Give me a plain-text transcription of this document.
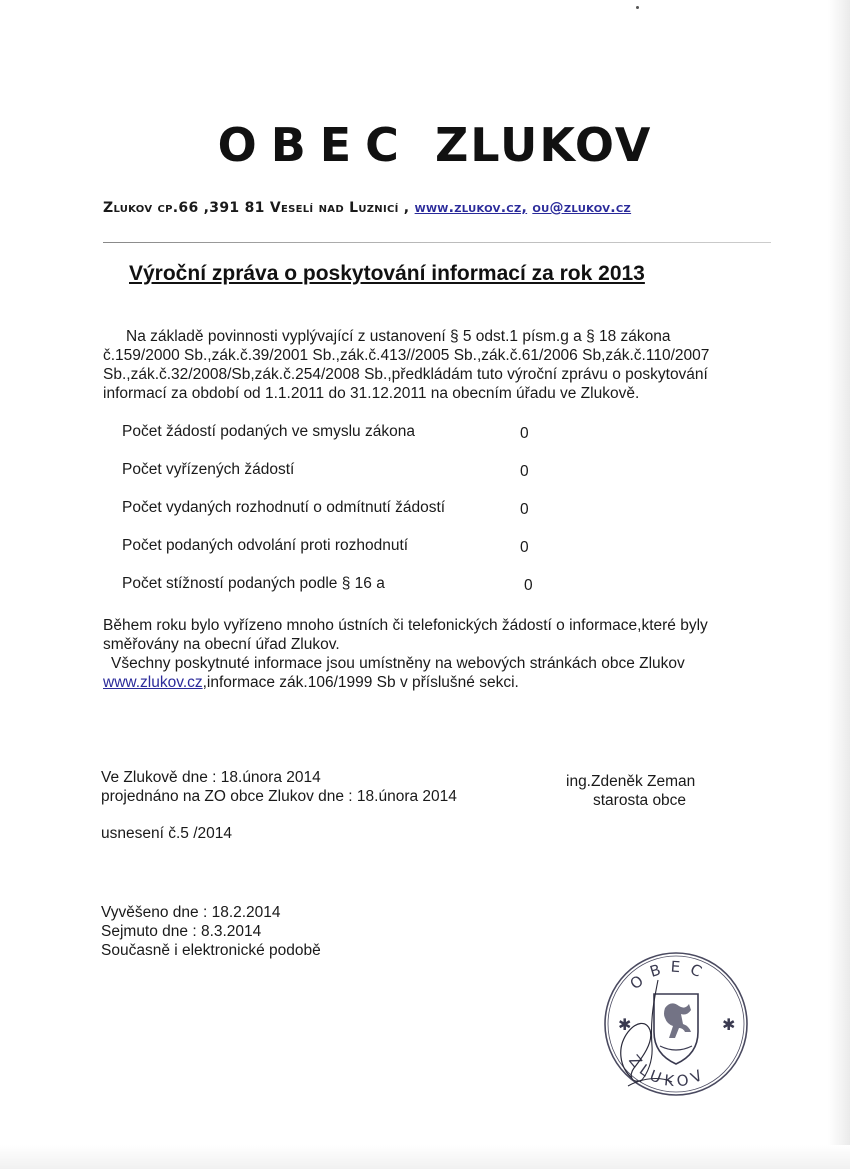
OBEC ZLUKOV
Zlukov cp.66 ,391 81 Veselí nad Luznicí , www.zlukov.cz, ou@zlukov.cz
Výroční zpráva o poskytování informací za rok 2013
Na základě povinnosti vyplývající z ustanovení § 5 odst.1 písm.g a § 18 zákona
č.159/2000 Sb.,zák.č.39/2001 Sb.,zák.č.413//2005 Sb.,zák.č.61/2006 Sb,zák.č.110/2007
Sb.,zák.č.32/2008/Sb,zák.č.254/2008 Sb.,předkládám tuto výroční zprávu o poskytování
informací za období od 1.1.2011 do 31.12.2011 na obecním úřadu ve Zlukově.
Počet žádostí podaných ve smyslu zákona	0
Počet vyřízených žádostí	0
Počet vydaných rozhodnutí o odmítnutí žádostí	0
Počet podaných odvolání proti rozhodnutí	0
Počet stížností podaných podle § 16 a	0
Během roku bylo vyřízeno mnoho ústních či telefonických žádostí o informace,které byly
směřovány na obecní úřad Zlukov.
Všechny poskytnuté informace jsou umístněny na webových stránkách obce Zlukov
www.zlukov.cz,informace zák.106/1999 Sb v příslušné sekci.
Ve Zlukově dne : 18.února 2014
projednáno na ZO obce Zlukov dne : 18.února 2014
ing.Zdeněk Zeman
starosta obce
usnesení č.5 /2014
Vyvěšeno dne : 18.2.2014
Sejmuto dne : 8.3.2014
Současně i elektronické podobě
OBEC
ZLUKOV
✱	✱
